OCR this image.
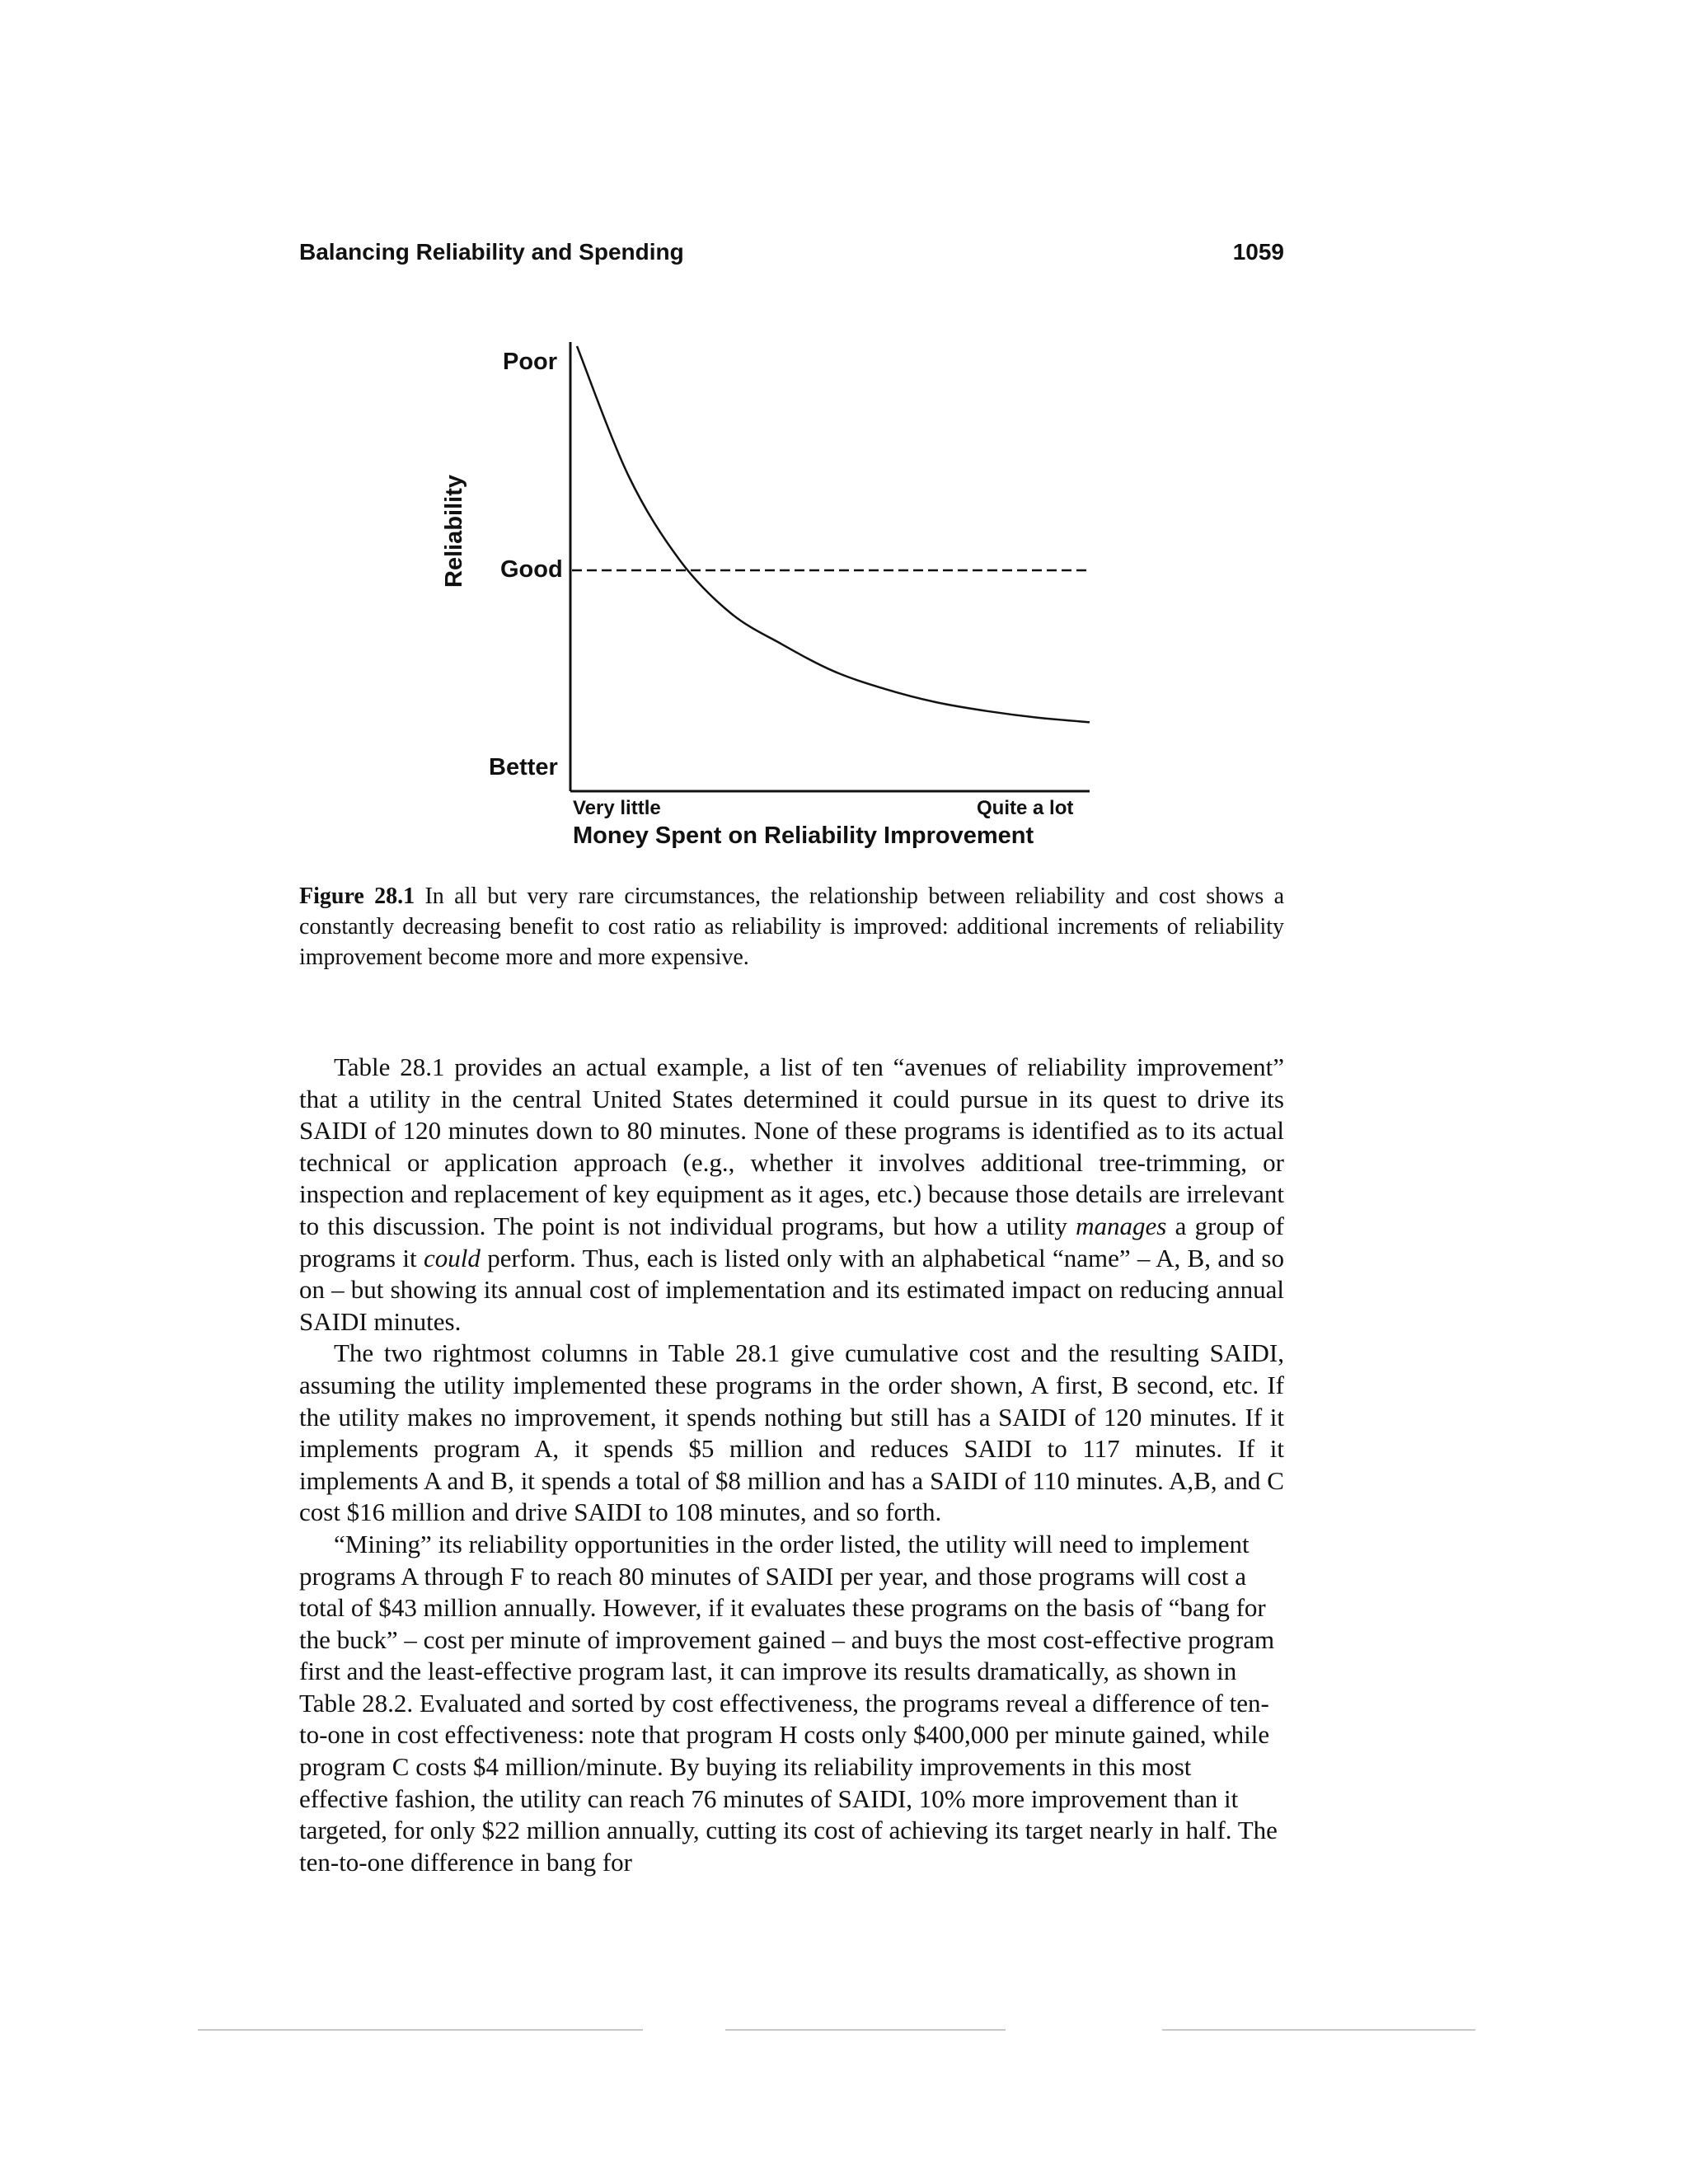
Balancing Reliability and Spending	1059
Poor
Good
Better
Reliability
Very little	Quite a lot
Money Spent on Reliability Improvement
Figure 28.1 In all but very rare circumstances, the relationship between reliability and cost shows a constantly decreasing benefit to cost ratio as reliability is improved: additional increments of reliability improvement become more and more expensive.

Table 28.1 provides an actual example, a list of ten “avenues of reliability improvement” that a utility in the central United States determined it could pursue in its quest to drive its SAIDI of 120 minutes down to 80 minutes. None of these programs is identified as to its actual technical or application approach (e.g., whether it involves additional tree-trimming, or inspection and replacement of key equipment as it ages, etc.) because those details are irrelevant to this discussion. The point is not individual programs, but how a utility manages a group of programs it could perform. Thus, each is listed only with an alphabetical “name” – A, B, and so on – but showing its annual cost of implementation and its estimated impact on reducing annual SAIDI minutes.

The two rightmost columns in Table 28.1 give cumulative cost and the resulting SAIDI, assuming the utility implemented these programs in the order shown, A first, B second, etc. If the utility makes no improvement, it spends nothing but still has a SAIDI of 120 minutes. If it implements program A, it spends $5 million and reduces SAIDI to 117 minutes. If it implements A and B, it spends a total of $8 million and has a SAIDI of 110 minutes. A,B, and C cost $16 million and drive SAIDI to 108 minutes, and so forth.

“Mining” its reliability opportunities in the order listed, the utility will need to implement programs A through F to reach 80 minutes of SAIDI per year, and those programs will cost a total of $43 million annually. However, if it evaluates these programs on the basis of “bang for the buck” – cost per minute of improvement gained – and buys the most cost-effective program first and the least-effective program last, it can improve its results dramatically, as shown in Table 28.2. Evaluated and sorted by cost effectiveness, the programs reveal a difference of ten-to-one in cost effectiveness: note that program H costs only $400,000 per minute gained, while program C costs $4 million/minute. By buying its reliability improvements in this most effective fashion, the utility can reach 76 minutes of SAIDI, 10% more improvement than it targeted, for only $22 million annually, cutting its cost of achieving its target nearly in half. The ten-to-one difference in bang for
